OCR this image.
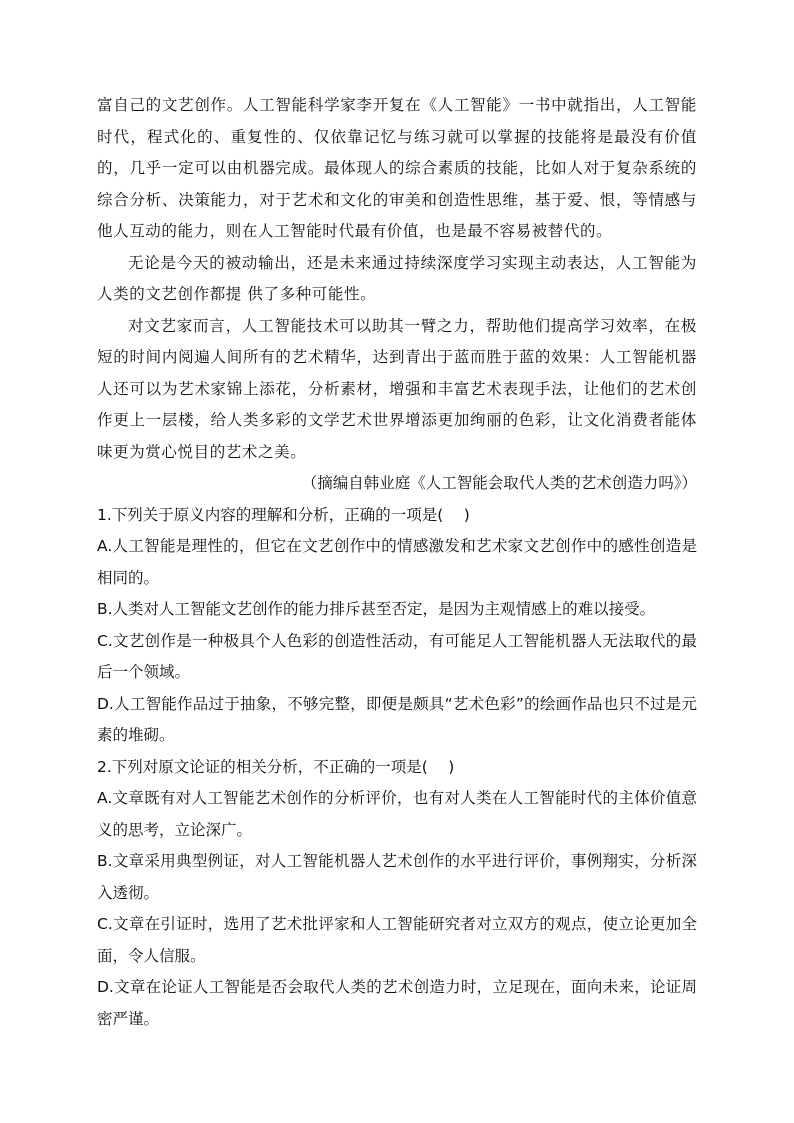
富自己的文艺创作。人工智能科学家李开复在《人工智能》一书中就指出，人工智能时代，程式化的、重复性的、仅依靠记忆与练习就可以掌握的技能将是最没有价值的，几乎一定可以由机器完成。最体现人的综合素质的技能，比如人对于复杂系统的综合分析、决策能力，对于艺术和文化的审美和创造性思维，基于爱、恨，等情感与他人互动的能力，则在人工智能时代最有价值，也是最不容易被替代的。

无论是今天的被动输出，还是未来通过持续深度学习实现主动表达，人工智能为人类的文艺创作都提 供了多种可能性。

对文艺家而言，人工智能技术可以助其一臂之力，帮助他们提高学习效率，在极短的时间内阅遍人间所有的艺术精华，达到青出于蓝而胜于蓝的效果：人工智能机器人还可以为艺术家锦上添花，分析素材，增强和丰富艺术表现手法，让他们的艺术创作更上一层楼，给人类多彩的文学艺术世界增添更加绚丽的色彩，让文化消费者能体味更为赏心悦目的艺术之美。

（摘编自韩业庭《人工智能会取代人类的艺术创造力吗》）

1.下列关于原义内容的理解和分析，正确的一项是(　 )

A.人工智能是理性的，但它在文艺创作中的情感激发和艺术家文艺创作中的感性创造是相同的。

B.人类对人工智能文艺创作的能力排斥甚至否定，是因为主观情感上的难以接受。

C.文艺创作是一种极具个人色彩的创造性活动，有可能足人工智能机器人无法取代的最后一个领域。

D.人工智能作品过于抽象，不够完整，即便是颇具“艺术色彩”的绘画作品也只不过是元素的堆砌。

2.下列对原文论证的相关分析，不正确的一项是(　 )

A.文章既有对人工智能艺术创作的分析评价，也有对人类在人工智能时代的主体价值意义的思考，立论深广。

B.文章采用典型例证，对人工智能机器人艺术创作的水平进行评价，事例翔实，分析深入透彻。

C.文章在引证时，选用了艺术批评家和人工智能研究者对立双方的观点，使立论更加全面，令人信服。

D.文章在论证人工智能是否会取代人类的艺术创造力时，立足现在，面向未来，论证周密严谨。
